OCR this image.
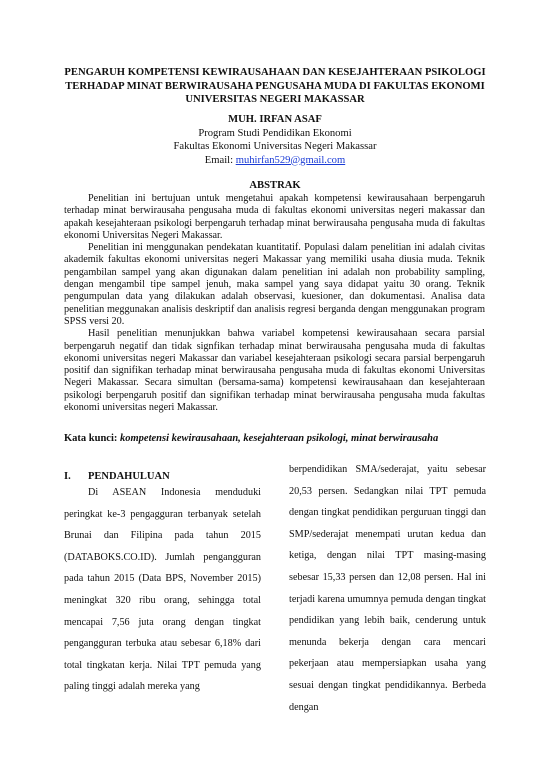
PENGARUH KOMPETENSI KEWIRAUSAHAAN DAN KESEJAHTERAAN PSIKOLOGI TERHADAP MINAT BERWIRAUSAHA PENGUSAHA MUDA DI FAKULTAS EKONOMI UNIVERSITAS NEGERI MAKASSAR
MUH. IRFAN ASAF
Program Studi Pendidikan Ekonomi
Fakultas Ekonomi Universitas Negeri Makassar
Email: muhirfan529@gmail.com
ABSTRAK

Penelitian ini bertujuan untuk mengetahui apakah kompetensi kewirausahaan berpengaruh terhadap minat berwirausaha pengusaha muda di fakultas ekonomi universitas negeri makassar dan apakah kesejahteraan psikologi berpengaruh terhadap minat berwirausaha pengusaha muda di fakultas ekonomi Universitas Negeri Makassar.

Penelitian ini menggunakan pendekatan kuantitatif. Populasi dalam penelitian ini adalah civitas akademik fakultas ekonomi universitas negeri Makassar yang memiliki usaha diusia muda. Teknik pengambilan sampel yang akan digunakan dalam penelitian ini adalah non probability sampling, dengan mengambil tipe sampel jenuh, maka sampel yang saya didapat yaitu 30 orang. Teknik pengumpulan data yang dilakukan adalah observasi, kuesioner, dan dokumentasi. Analisa data penelitian meggunakan analisis deskriptif dan analisis regresi berganda dengan menggunakan program SPSS versi 20.

Hasil penelitian menunjukkan bahwa variabel kompetensi kewirausahaan secara parsial berpengaruh negatif dan tidak signfikan terhadap minat berwirausaha pengusaha muda di fakultas ekonomi universitas negeri Makassar dan variabel kesejahteraan psikologi secara parsial berpengaruh positif dan signifikan terhadap minat berwirausaha pengusaha muda di fakultas ekonomi Universitas Negeri Makassar. Secara simultan (bersama-sama) kompetensi kewirausahaan dan kesejahteraan psikologi berpengaruh positif dan signifikan terhadap minat berwirausaha pengusaha muda fakultas ekonomi universitas negeri Makassar.

Kata kunci: kompetensi kewirausahaan, kesejahteraan psikologi, minat berwirausaha
I. PENDAHULUAN

Di ASEAN Indonesia menduduki peringkat ke-3 pengagguran terbanyak setelah Brunai dan Filipina pada tahun 2015 (DATABOKS.CO.ID). Jumlah pengangguran pada tahun 2015 (Data BPS, November 2015) meningkat 320 ribu orang, sehingga total mencapai 7,56 juta orang dengan tingkat pengangguran terbuka atau sebesar 6,18% dari total tingkatan kerja. Nilai TPT pemuda yang paling tinggi adalah mereka yang

berpendidikan SMA/sederajat, yaitu sebesar 20,53 persen. Sedangkan nilai TPT pemuda dengan tingkat pendidikan perguruan tinggi dan SMP/sederajat menempati urutan kedua dan ketiga, dengan nilai TPT masing-masing sebesar 15,33 persen dan 12,08 persen. Hal ini terjadi karena umumnya pemuda dengan tingkat pendidikan yang lebih baik, cenderung untuk menunda bekerja dengan cara mencari pekerjaan atau mempersiapkan usaha yang sesuai dengan tingkat pendidikannya. Berbeda dengan
